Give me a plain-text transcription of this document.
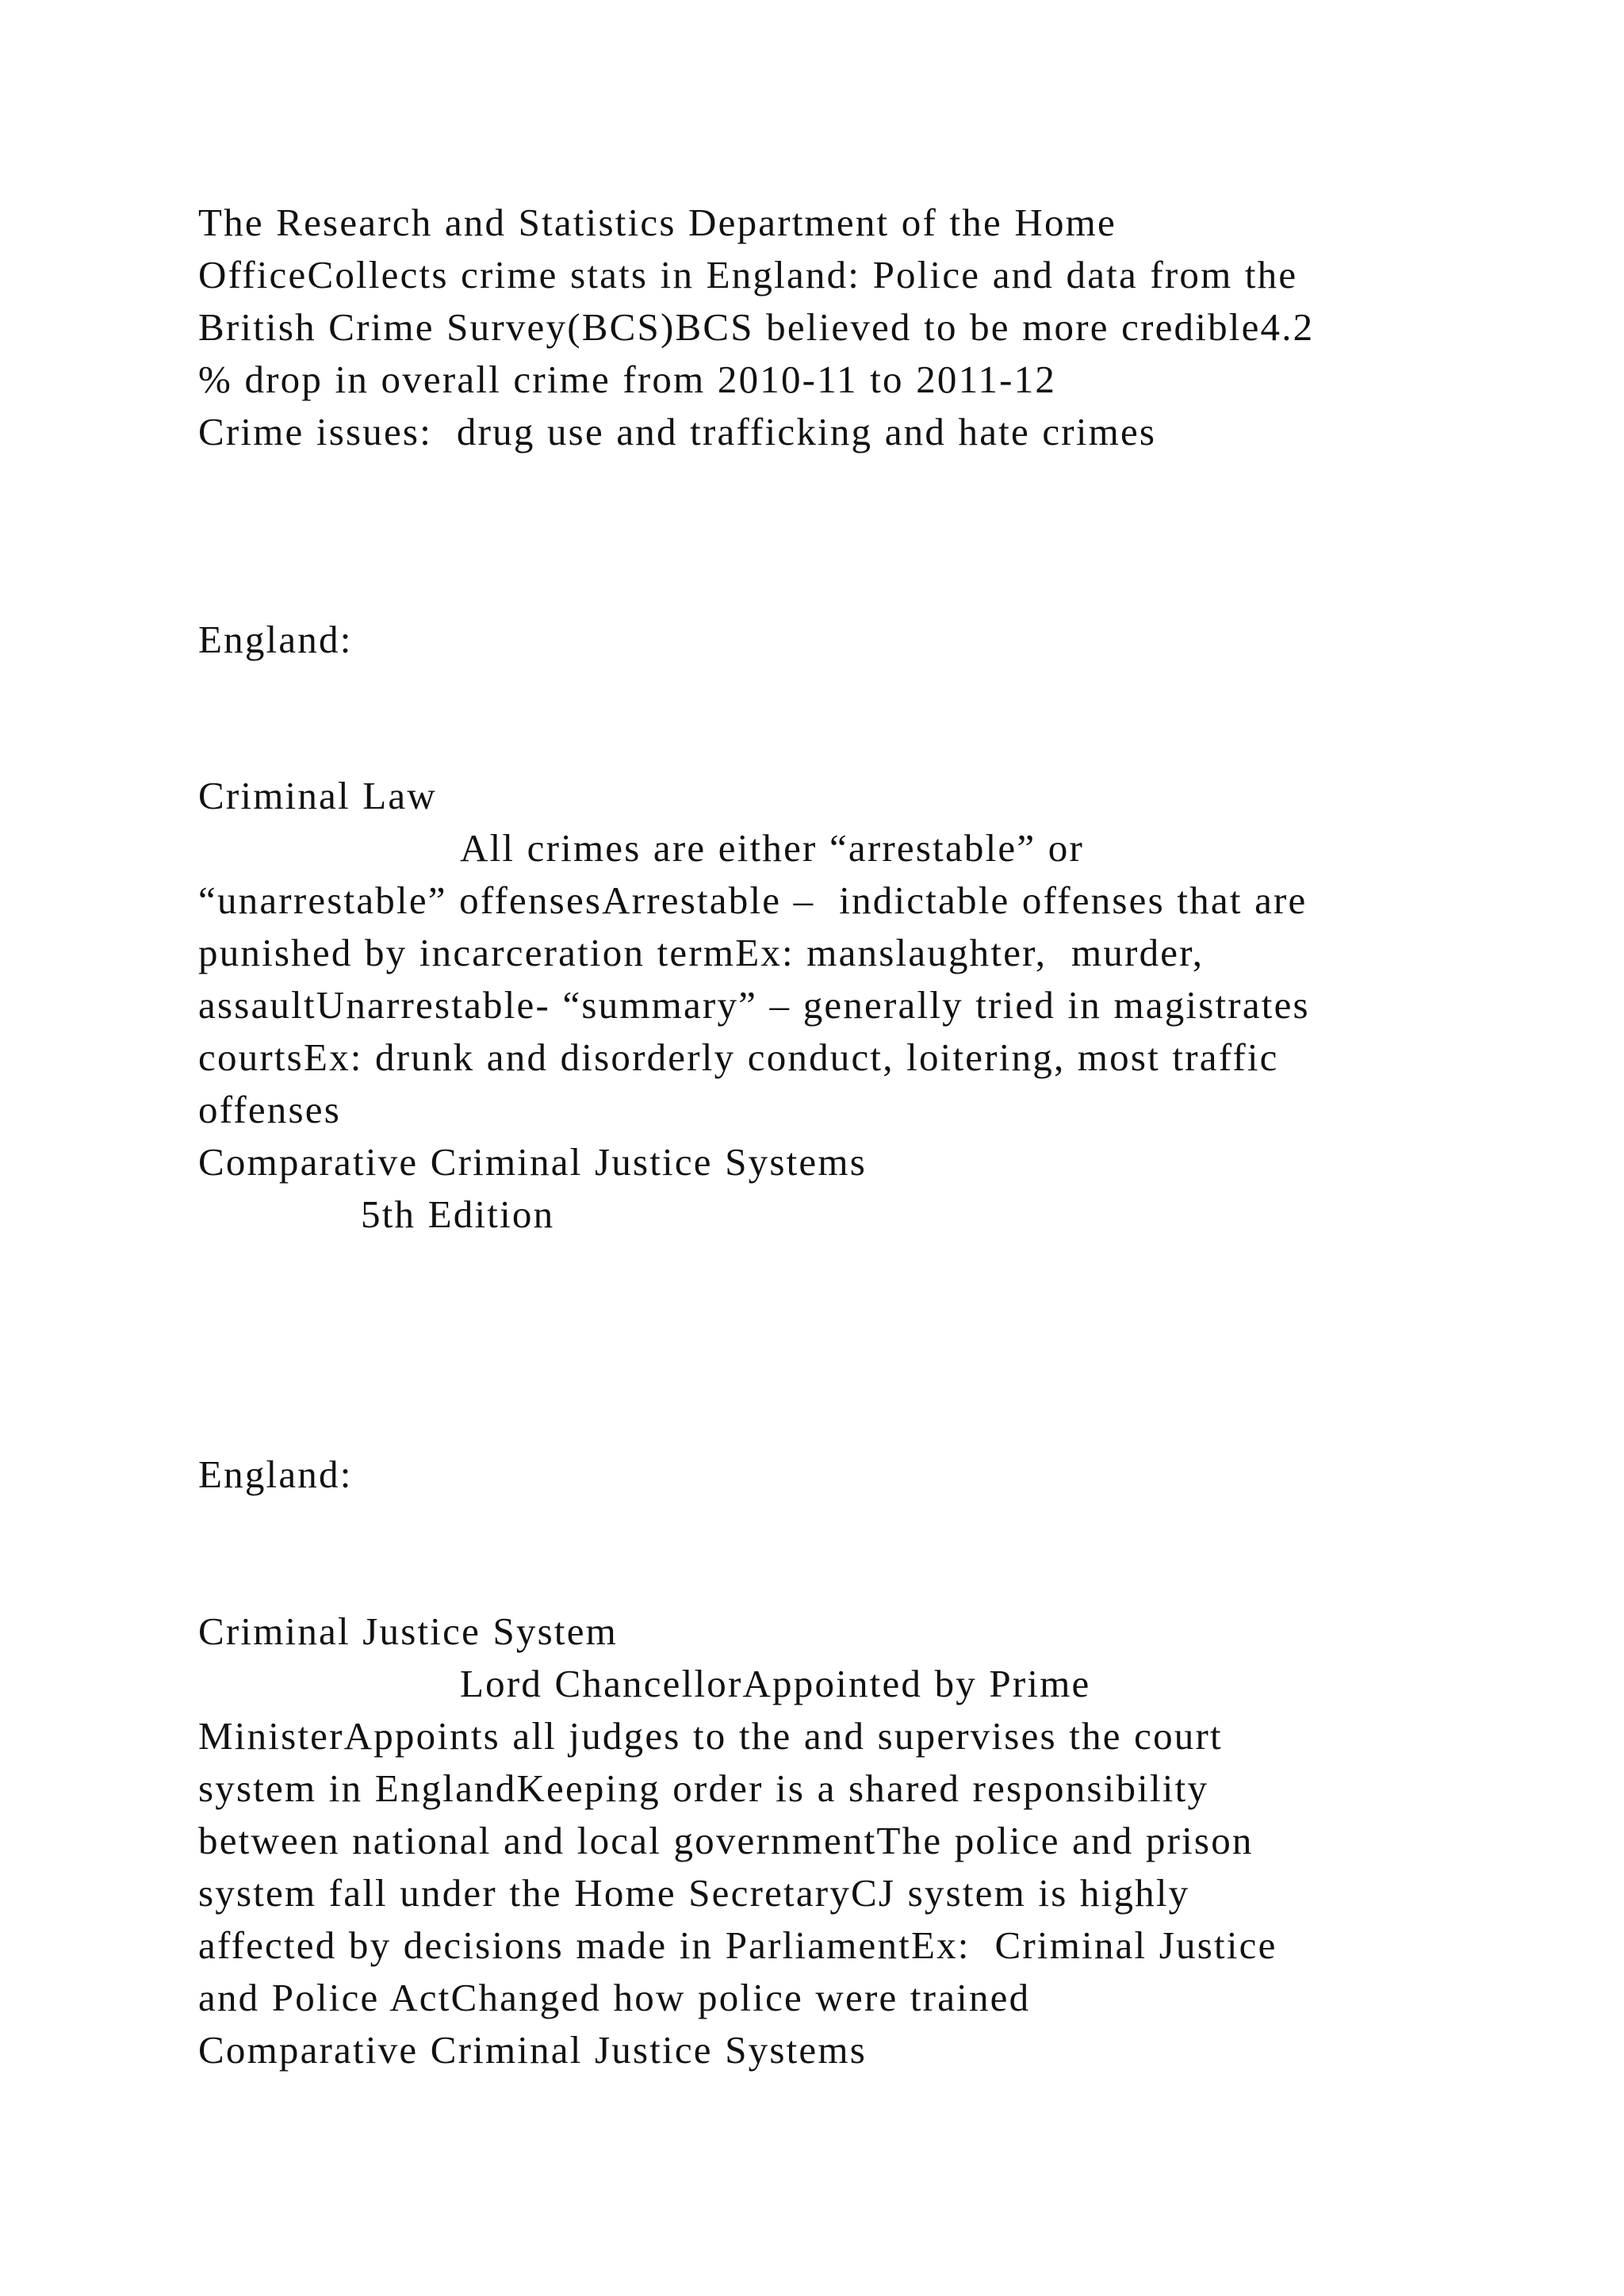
The Research and Statistics Department of the Home

OfficeCollects crime stats in England: Police and data from the

British Crime Survey(BCS)BCS believed to be more credible4.2

% drop in overall crime from 2010-11 to 2011-12

Crime issues:  drug use and trafficking and hate crimes

England:

Criminal Law

All crimes are either “arrestable” or

“unarrestable” offensesArrestable –  indictable offenses that are

punished by incarceration termEx: manslaughter,  murder,

assaultUnarrestable- “summary” – generally tried in magistrates

courtsEx: drunk and disorderly conduct, loitering, most traffic

offenses

Comparative Criminal Justice Systems

5th Edition

England:

Criminal Justice System

Lord ChancellorAppointed by Prime

MinisterAppoints all judges to the and supervises the court

system in EnglandKeeping order is a shared responsibility

between national and local governmentThe police and prison

system fall under the Home SecretaryCJ system is highly

affected by decisions made in ParliamentEx:  Criminal Justice

and Police ActChanged how police were trained

Comparative Criminal Justice Systems
